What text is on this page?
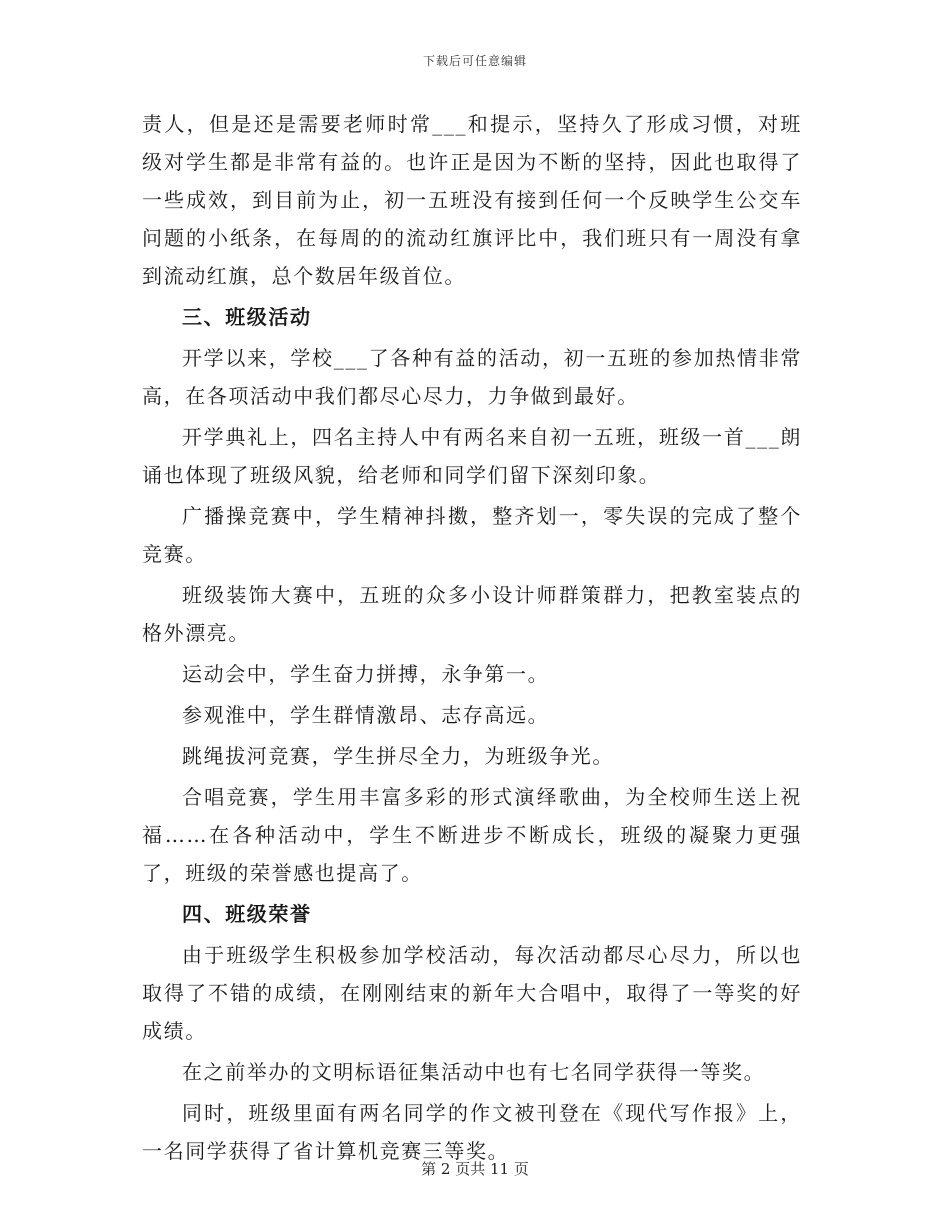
下载后可任意编辑

责人，但是还是需要老师时常___和提示，坚持久了形成习惯，对班级对学生都是非常有益的。也许正是因为不断的坚持，因此也取得了一些成效，到目前为止，初一五班没有接到任何一个反映学生公交车问题的小纸条，在每周的的流动红旗评比中，我们班只有一周没有拿到流动红旗，总个数居年级首位。

三、班级活动

开学以来，学校___了各种有益的活动，初一五班的参加热情非常高，在各项活动中我们都尽心尽力，力争做到最好。

开学典礼上，四名主持人中有两名来自初一五班，班级一首___朗诵也体现了班级风貌，给老师和同学们留下深刻印象。

广播操竞赛中，学生精神抖擞，整齐划一，零失误的完成了整个竞赛。

班级装饰大赛中，五班的众多小设计师群策群力，把教室装点的格外漂亮。

运动会中，学生奋力拼搏，永争第一。

参观淮中，学生群情激昂、志存高远。

跳绳拔河竞赛，学生拼尽全力，为班级争光。

合唱竞赛，学生用丰富多彩的形式演绎歌曲，为全校师生送上祝福……在各种活动中，学生不断进步不断成长，班级的凝聚力更强了，班级的荣誉感也提高了。

四、班级荣誉

由于班级学生积极参加学校活动，每次活动都尽心尽力，所以也取得了不错的成绩，在刚刚结束的新年大合唱中，取得了一等奖的好成绩。

在之前举办的文明标语征集活动中也有七名同学获得一等奖。

同时，班级里面有两名同学的作文被刊登在《现代写作报》上，一名同学获得了省计算机竞赛三等奖。

第 2 页共 11 页
